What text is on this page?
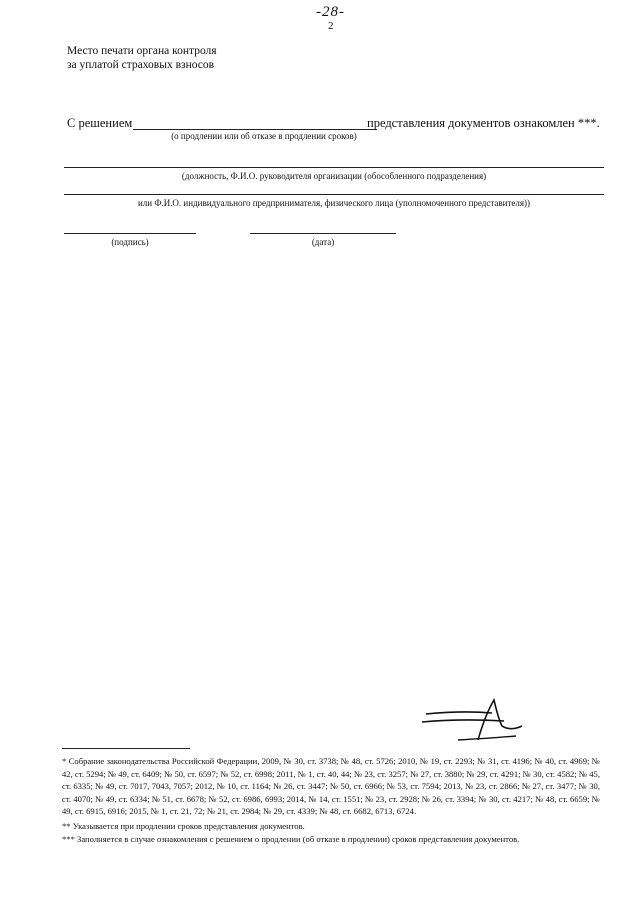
-28-
2
Место печати органа контроля
за уплатой страховых взносов
С решением	представления документов ознакомлен ***.
(о продлении или об отказе в продлении сроков)
(должность, Ф.И.О. руководителя организации (обособленного подразделения)
или Ф.И.О. индивидуального предпринимателя, физического лица (уполномоченного представителя))
(подпись)	(дата)
* Собрание законодательства Российской Федерации, 2009, № 30, ст. 3738; № 48, ст. 5726; 2010, № 19, ст. 2293; № 31, ст. 4196; № 40, ст. 4969; № 42, ст. 5294; № 49, ст. 6409; № 50, ст. 6597; № 52, ст. 6998; 2011, № 1, ст. 40, 44; № 23, ст. 3257; № 27, ст. 3880; № 29, ст. 4291; № 30, ст. 4582; № 45, ст. 6335; № 49, ст. 7017, 7043, 7057; 2012, № 10, ст. 1164; № 26, ст. 3447; № 50, ст. 6966; № 53, ст. 7594; 2013, № 23, ст. 2866; № 27, ст. 3477; № 30, ст. 4070; № 49, ст. 6334; № 51, ст. 6678; № 52, ст. 6986, 6993; 2014, № 14, ст. 1551; № 23, ст. 2928; № 26, ст. 3394; № 30, ст. 4217; № 48, ст. 6659; № 49, ст. 6915, 6916; 2015, № 1, ст. 21, 72; № 21, ст. 2984; № 29, ст. 4339; № 48, ст. 6682, 6713, 6724.
** Указывается при продлении сроков представления документов.
*** Заполняется в случае ознакомления с решением о продлении (об отказе в продлении) сроков представления документов.
